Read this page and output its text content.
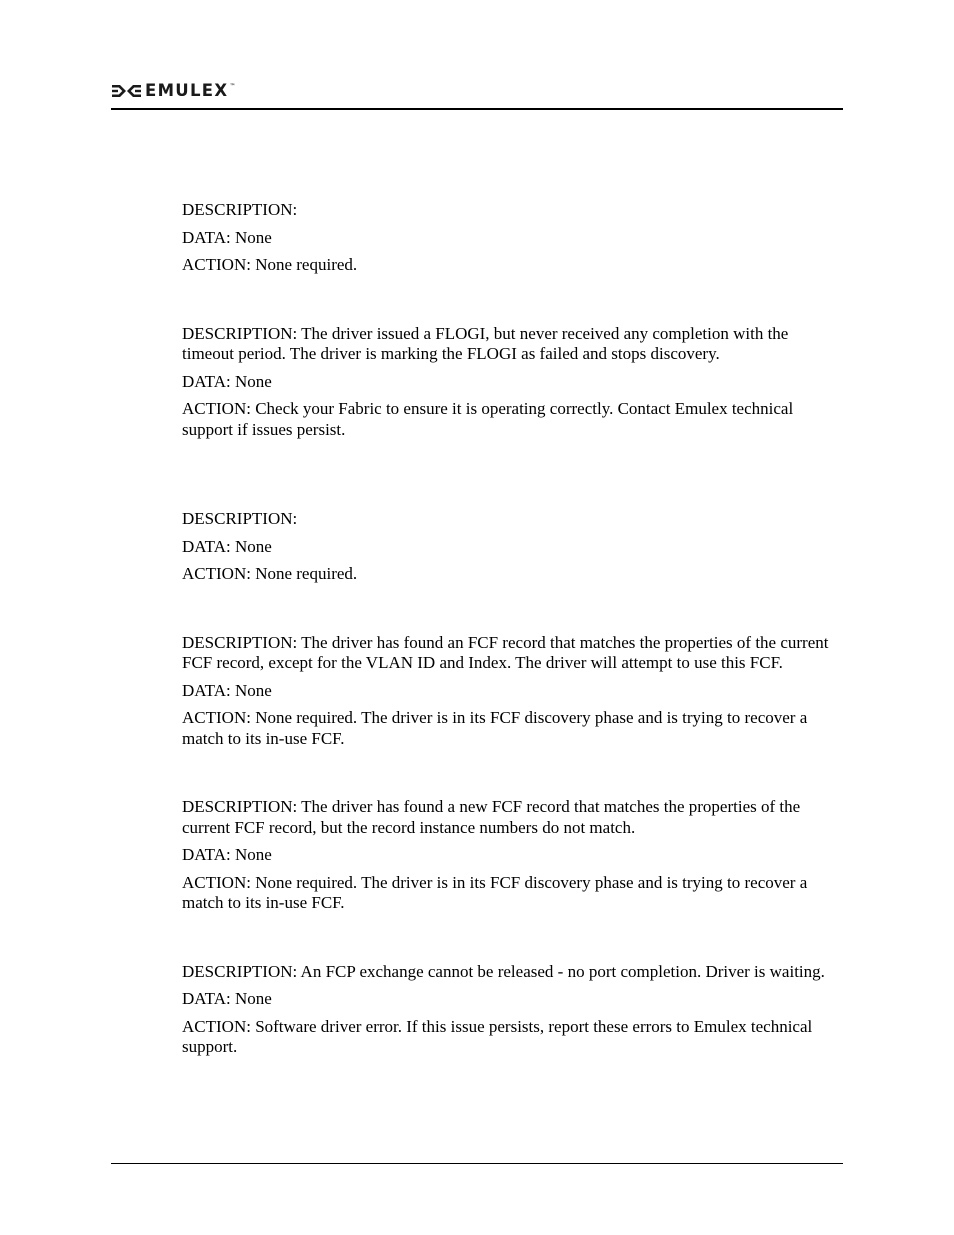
EMULEX ™

DESCRIPTION:

DATA: None

ACTION: None required.

DESCRIPTION: The driver issued a FLOGI, but never received any completion with the timeout period. The driver is marking the FLOGI as failed and stops discovery.

DATA: None

ACTION: Check your Fabric to ensure it is operating correctly. Contact Emulex technical support if issues persist.

DESCRIPTION:

DATA: None

ACTION: None required.

DESCRIPTION: The driver has found an FCF record that matches the properties of the current FCF record, except for the VLAN ID and Index. The driver will attempt to use this FCF.

DATA: None

ACTION: None required. The driver is in its FCF discovery phase and is trying to recover a match to its in-use FCF.

DESCRIPTION: The driver has found a new FCF record that matches the properties of the current FCF record, but the record instance numbers do not match.

DATA: None

ACTION: None required. The driver is in its FCF discovery phase and is trying to recover a match to its in-use FCF.

DESCRIPTION: An FCP exchange cannot be released - no port completion. Driver is waiting.

DATA: None

ACTION: Software driver error. If this issue persists, report these errors to Emulex technical support.
